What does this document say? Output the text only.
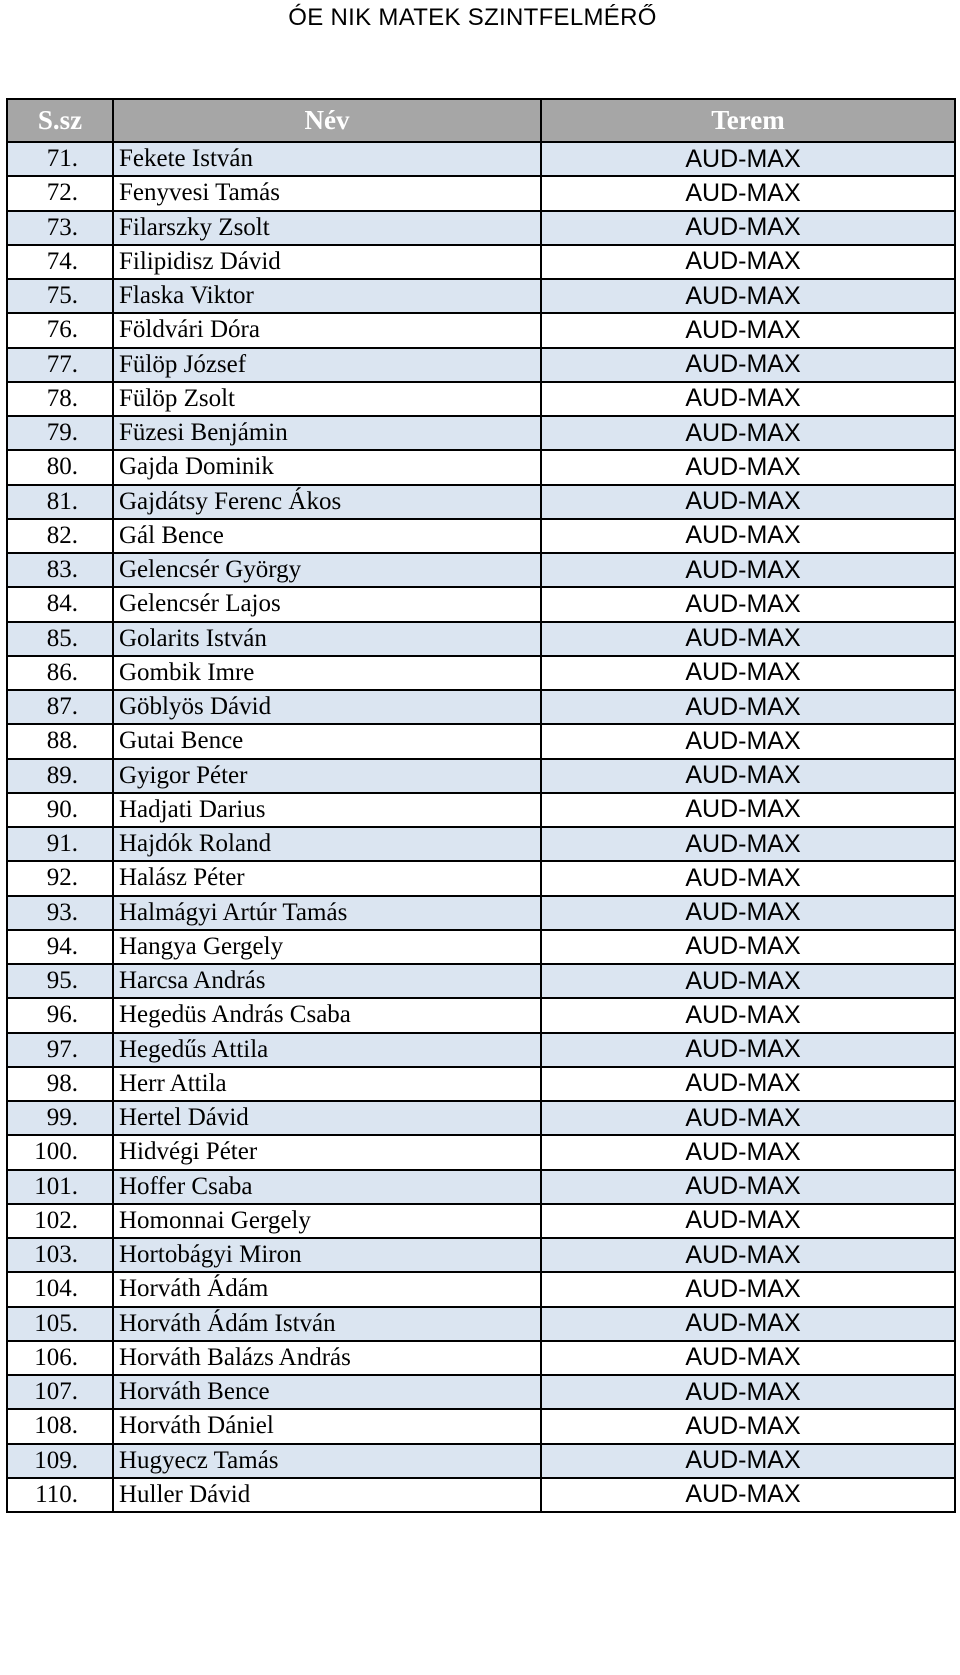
ÓE NIK MATEK SZINTFELMÉRŐ
S.sz	Név	Terem
71.	Fekete István	AUD-MAX
72.	Fenyvesi Tamás	AUD-MAX
73.	Filarszky Zsolt	AUD-MAX
74.	Filipidisz Dávid	AUD-MAX
75.	Flaska Viktor	AUD-MAX
76.	Földvári Dóra	AUD-MAX
77.	Fülöp József	AUD-MAX
78.	Fülöp Zsolt	AUD-MAX
79.	Füzesi Benjámin	AUD-MAX
80.	Gajda Dominik	AUD-MAX
81.	Gajdátsy Ferenc Ákos	AUD-MAX
82.	Gál Bence	AUD-MAX
83.	Gelencsér György	AUD-MAX
84.	Gelencsér Lajos	AUD-MAX
85.	Golarits István	AUD-MAX
86.	Gombik Imre	AUD-MAX
87.	Göblyös Dávid	AUD-MAX
88.	Gutai Bence	AUD-MAX
89.	Gyigor Péter	AUD-MAX
90.	Hadjati Darius	AUD-MAX
91.	Hajdók Roland	AUD-MAX
92.	Halász Péter	AUD-MAX
93.	Halmágyi Artúr Tamás	AUD-MAX
94.	Hangya Gergely	AUD-MAX
95.	Harcsa András	AUD-MAX
96.	Hegedüs András Csaba	AUD-MAX
97.	Hegedűs Attila	AUD-MAX
98.	Herr Attila	AUD-MAX
99.	Hertel Dávid	AUD-MAX
100.	Hidvégi Péter	AUD-MAX
101.	Hoffer Csaba	AUD-MAX
102.	Homonnai Gergely	AUD-MAX
103.	Hortobágyi Miron	AUD-MAX
104.	Horváth Ádám	AUD-MAX
105.	Horváth Ádám István	AUD-MAX
106.	Horváth Balázs András	AUD-MAX
107.	Horváth Bence	AUD-MAX
108.	Horváth Dániel	AUD-MAX
109.	Hugyecz Tamás	AUD-MAX
110.	Huller Dávid	AUD-MAX
